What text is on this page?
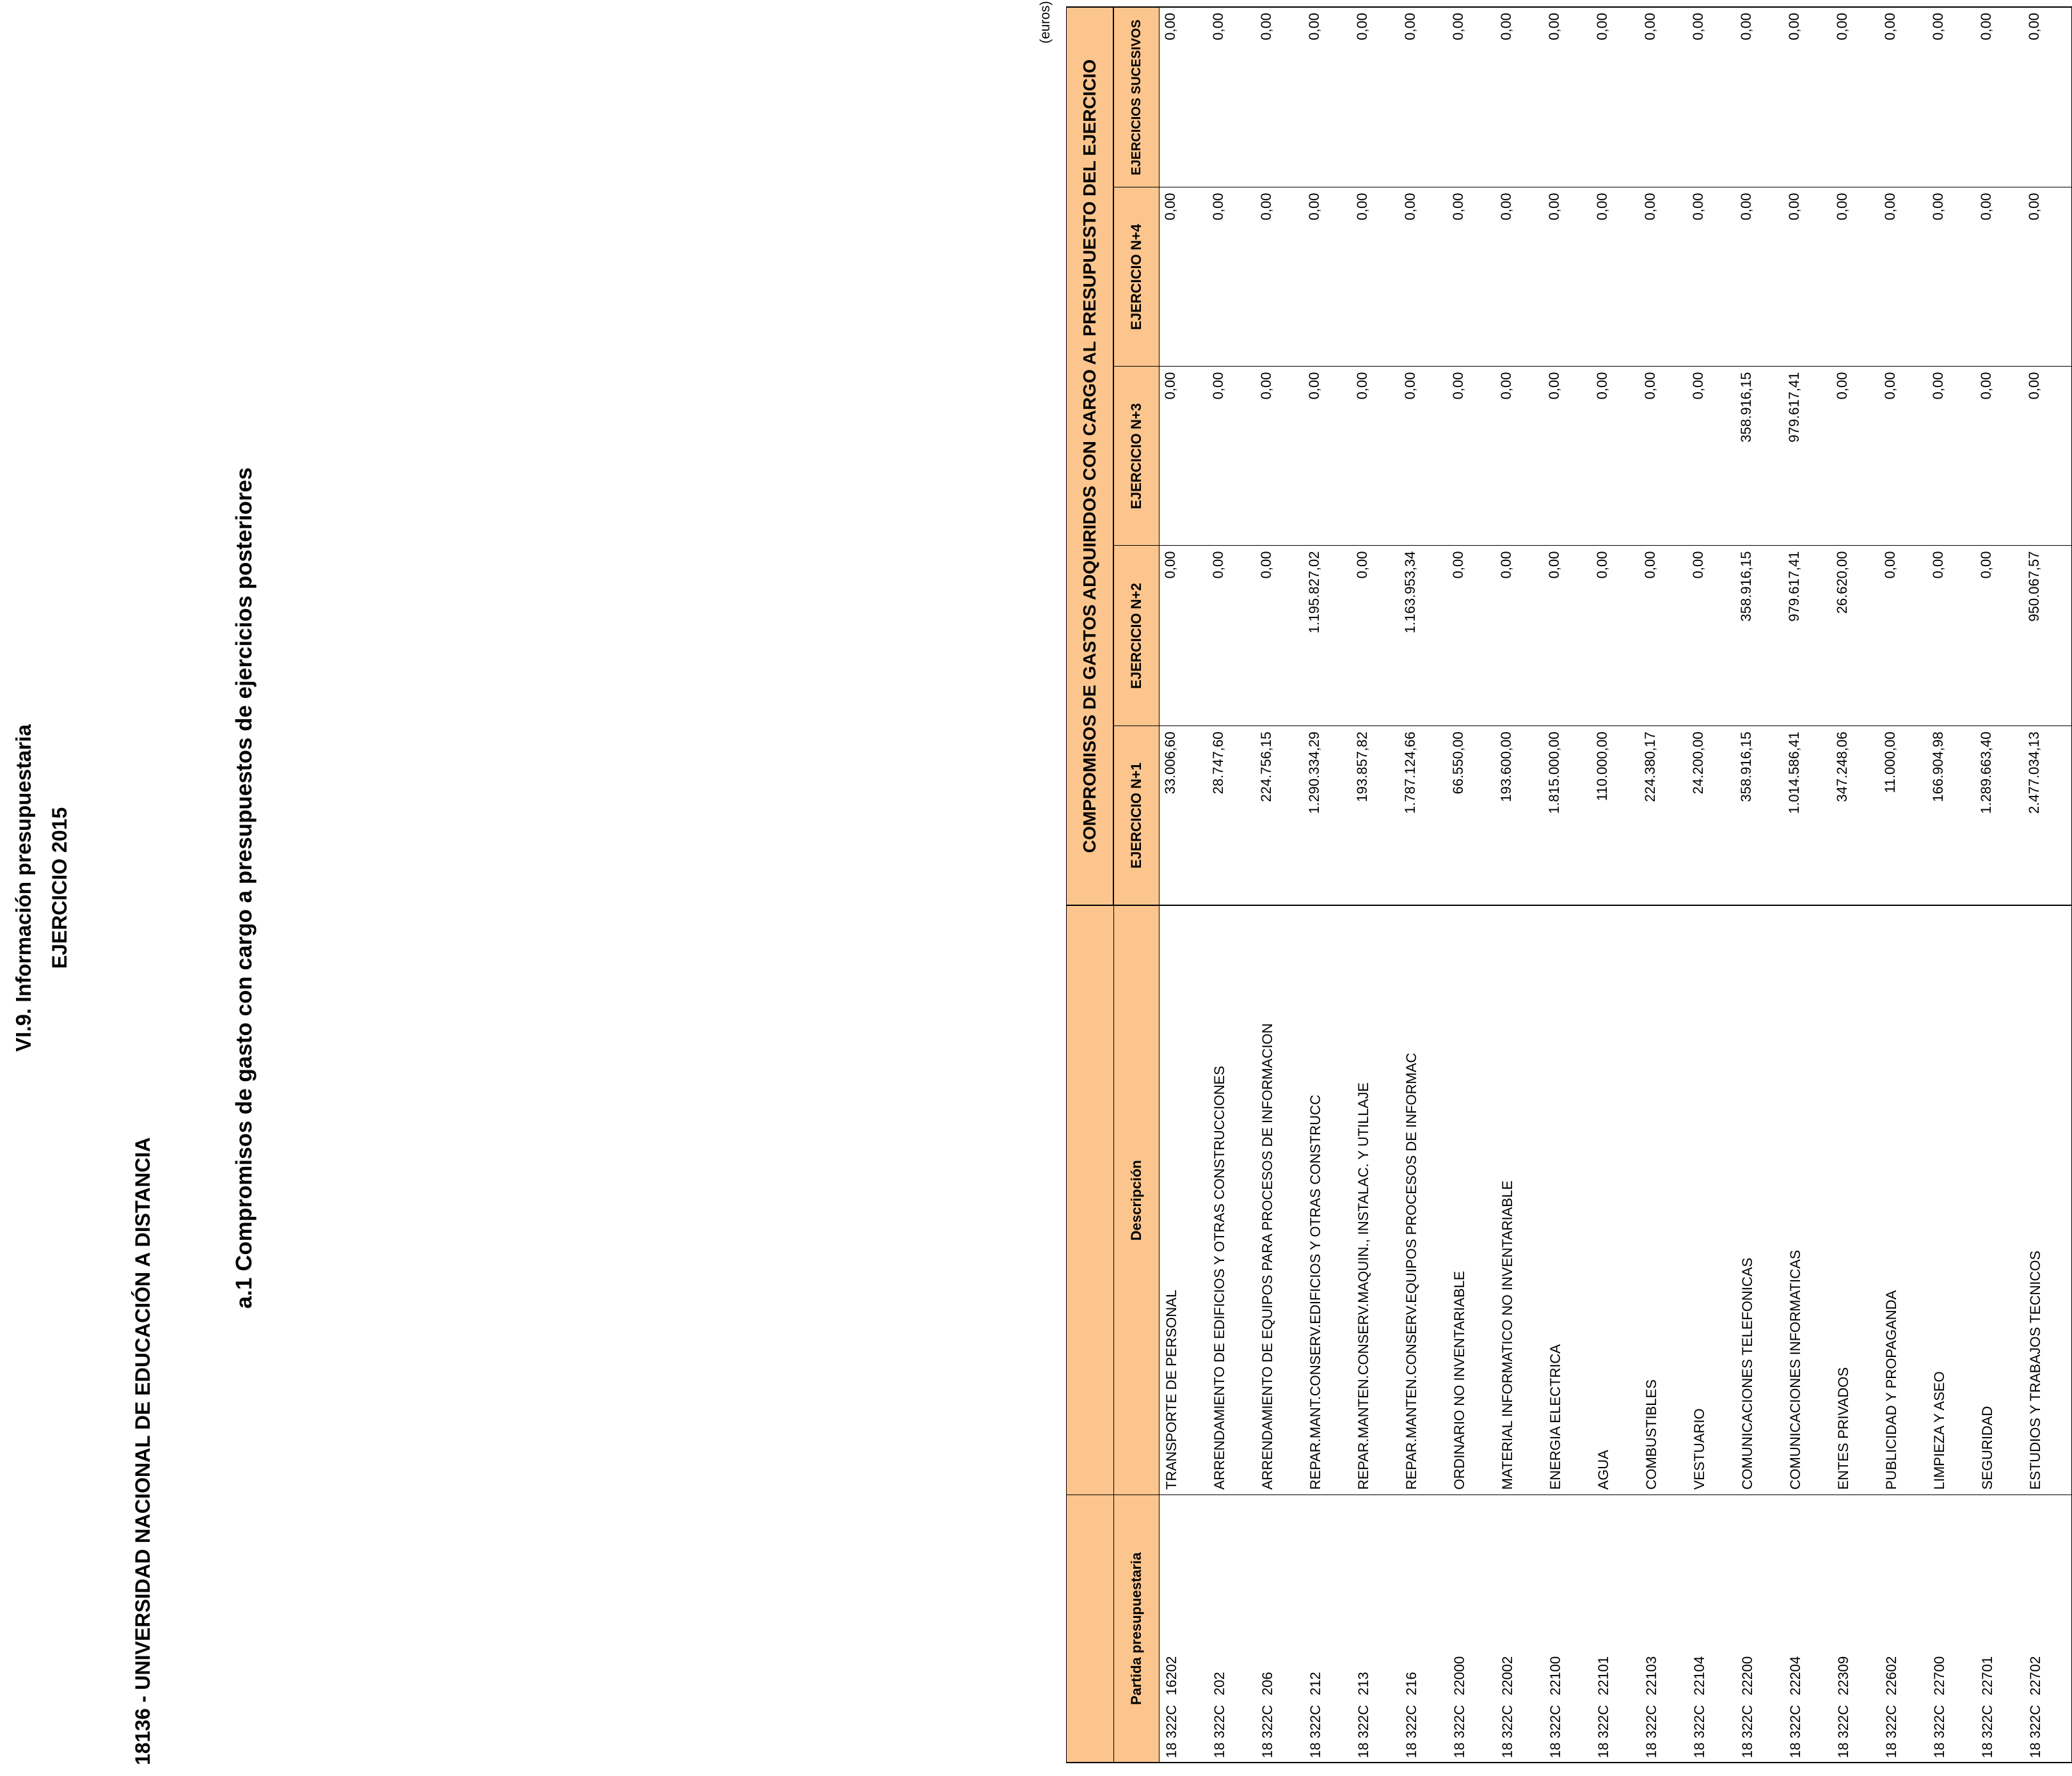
VI.9. Información presupuestaria EJERCICIO 2015
18136 - UNIVERSIDAD NACIONAL DE EDUCACIÓN A DISTANCIA
a.1 Compromisos de gasto con cargo a presupuestos de ejercicios posteriores
(euros)
		COMPROMISOS DE GASTOS ADQUIRIDOS CON CARGO AL PRESUPUESTO DEL EJERCICIO				
Partida presupuestaria	Descripción	EJERCICIO N+1	EJERCICIO N+2	EJERCICIO N+3	EJERCICIO N+4	EJERCICIOS SUCESIVOS
18 322C16202	TRANSPORTE DE PERSONAL	33.006,60	0,00	0,00	0,00	0,00
18 322C202	ARRENDAMIENTO DE EDIFICIOS Y OTRAS CONSTRUCCIONES	28.747,60	0,00	0,00	0,00	0,00
18 322C206	ARRENDAMIENTO DE EQUIPOS PARA PROCESOS DE INFORMACION	224.756,15	0,00	0,00	0,00	0,00
18 322C212	REPAR.MANT.CONSERV.EDIFICIOS Y OTRAS CONSTRUCC	1.290.334,29	1.195.827,02	0,00	0,00	0,00
18 322C213	REPAR.MANTEN.CONSERV.MAQUIN., INSTALAC. Y UTILLAJE	193.857,82	0,00	0,00	0,00	0,00
18 322C216	REPAR.MANTEN.CONSERV.EQUIPOS PROCESOS DE INFORMAC	1.787.124,66	1.163.953,34	0,00	0,00	0,00
18 322C22000	ORDINARIO NO INVENTARIABLE	66.550,00	0,00	0,00	0,00	0,00
18 322C22002	MATERIAL INFORMATICO NO INVENTARIABLE	193.600,00	0,00	0,00	0,00	0,00
18 322C22100	ENERGIA ELECTRICA	1.815.000,00	0,00	0,00	0,00	0,00
18 322C22101	AGUA	110.000,00	0,00	0,00	0,00	0,00
18 322C22103	COMBUSTIBLES	224.380,17	0,00	0,00	0,00	0,00
18 322C22104	VESTUARIO	24.200,00	0,00	0,00	0,00	0,00
18 322C22200	COMUNICACIONES TELEFONICAS	358.916,15	358.916,15	358.916,15	0,00	0,00
18 322C22204	COMUNICACIONES INFORMATICAS	1.014.586,41	979.617,41	979.617,41	0,00	0,00
18 322C22309	ENTES PRIVADOS	347.248,06	26.620,00	0,00	0,00	0,00
18 322C22602	PUBLICIDAD Y PROPAGANDA	11.000,00	0,00	0,00	0,00	0,00
18 322C22700	LIMPIEZA Y ASEO	166.904,98	0,00	0,00	0,00	0,00
18 322C22701	SEGURIDAD	1.289.663,40	0,00	0,00	0,00	0,00
18 322C22702	ESTUDIOS Y TRABAJOS TECNICOS	2.477.034,13	950.067,57	0,00	0,00	0,00
